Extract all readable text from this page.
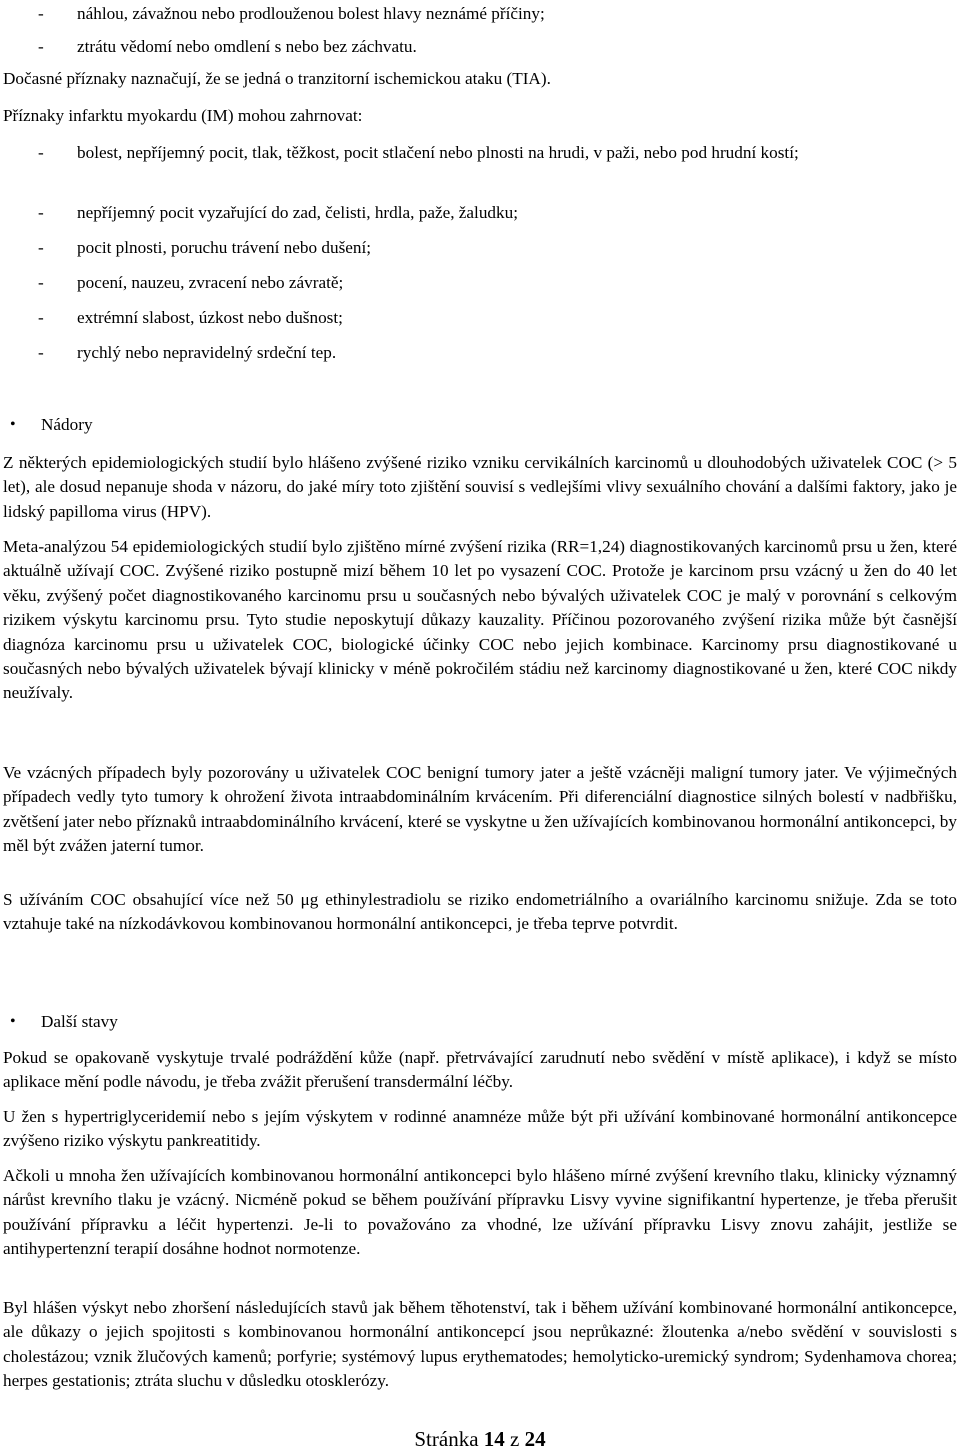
- náhlou, závažnou nebo prodlouženou bolest hlavy neznámé příčiny;
- ztrátu vědomí nebo omdlení s nebo bez záchvatu.
Dočasné příznaky naznačují, že se jedná o tranzitorní ischemickou ataku (TIA).
Příznaky infarktu myokardu (IM) mohou zahrnovat:
- bolest, nepříjemný pocit, tlak, těžkost, pocit stlačení nebo plnosti na hrudi, v paži, nebo pod hrudní kostí;
- nepříjemný pocit vyzařující do zad, čelisti, hrdla, paže, žaludku;
- pocit plnosti, poruchu trávení nebo dušení;
- pocení, nauzeu, zvracení nebo závratě;
- extrémní slabost, úzkost nebo dušnost;
- rychlý nebo nepravidelný srdeční tep.
• Nádory

Z některých epidemiologických studií bylo hlášeno zvýšené riziko vzniku cervikálních karcinomů u dlouhodobých uživatelek COC (> 5 let), ale dosud nepanuje shoda v názoru, do jaké míry toto zjištění souvisí s vedlejšími vlivy sexuálního chování a dalšími faktory, jako je lidský papilloma virus (HPV).

Meta-analýzou 54 epidemiologických studií bylo zjištěno mírné zvýšení rizika (RR=1,24) diagnostikovaných karcinomů prsu u žen, které aktuálně užívají COC. Zvýšené riziko postupně mizí během 10 let po vysazení COC. Protože je karcinom prsu vzácný u žen do 40 let věku, zvýšený počet diagnostikovaného karcinomu prsu u současných nebo bývalých uživatelek COC je malý v porovnání s celkovým rizikem výskytu karcinomu prsu. Tyto studie neposkytují důkazy kauzality. Příčinou pozorovaného zvýšení rizika může být časnější diagnóza karcinomu prsu u uživatelek COC, biologické účinky COC nebo jejich kombinace. Karcinomy prsu diagnostikované u současných nebo bývalých uživatelek bývají klinicky v méně pokročilém stádiu než karcinomy diagnostikované u žen, které COC nikdy neužívaly.

Ve vzácných případech byly pozorovány u uživatelek COC benigní tumory jater a ještě vzácněji maligní tumory jater. Ve výjimečných případech vedly tyto tumory k ohrožení života intraabdominálním krvácením. Při diferenciální diagnostice silných bolestí v nadbřišku, zvětšení jater nebo příznaků intraabdominálního krvácení, které se vyskytne u žen užívajících kombinovanou hormonální antikoncepci, by měl být zvážen jaterní tumor.

S užíváním COC obsahující více než 50 μg ethinylestradiolu se riziko endometriálního a ovariálního karcinomu snižuje. Zda se toto vztahuje také na nízkodávkovou kombinovanou hormonální antikoncepci, je třeba teprve potvrdit.

• Další stavy

Pokud se opakovaně vyskytuje trvalé podráždění kůže (např. přetrvávající zarudnutí nebo svědění v místě aplikace), i když se místo aplikace mění podle návodu, je třeba zvážit přerušení transdermální léčby.

U žen s hypertriglyceridemií nebo s jejím výskytem v rodinné anamnéze může být při užívání kombinované hormonální antikoncepce zvýšeno riziko výskytu pankreatitidy.

Ačkoli u mnoha žen užívajících kombinovanou hormonální antikoncepci bylo hlášeno mírné zvýšení krevního tlaku, klinicky významný nárůst krevního tlaku je vzácný. Nicméně pokud se během používání přípravku Lisvy vyvine signifikantní hypertenze, je třeba přerušit používání přípravku a léčit hypertenzi. Je-li to považováno za vhodné, lze užívání přípravku Lisvy znovu zahájit, jestliže se antihypertenzní terapií dosáhne hodnot normotenze.

Byl hlášen výskyt nebo zhoršení následujících stavů jak během těhotenství, tak i během užívání kombinované hormonální antikoncepce, ale důkazy o jejich spojitosti s kombinovanou hormonální antikoncepcí jsou neprůkazné: žloutenka a/nebo svědění v souvislosti s cholestázou; vznik žlučových kamenů; porfyrie; systémový lupus erythematodes; hemolyticko-uremický syndrom; Sydenhamova chorea; herpes gestationis; ztráta sluchu v důsledku otosklerózy.

Stránka 14 z 24
